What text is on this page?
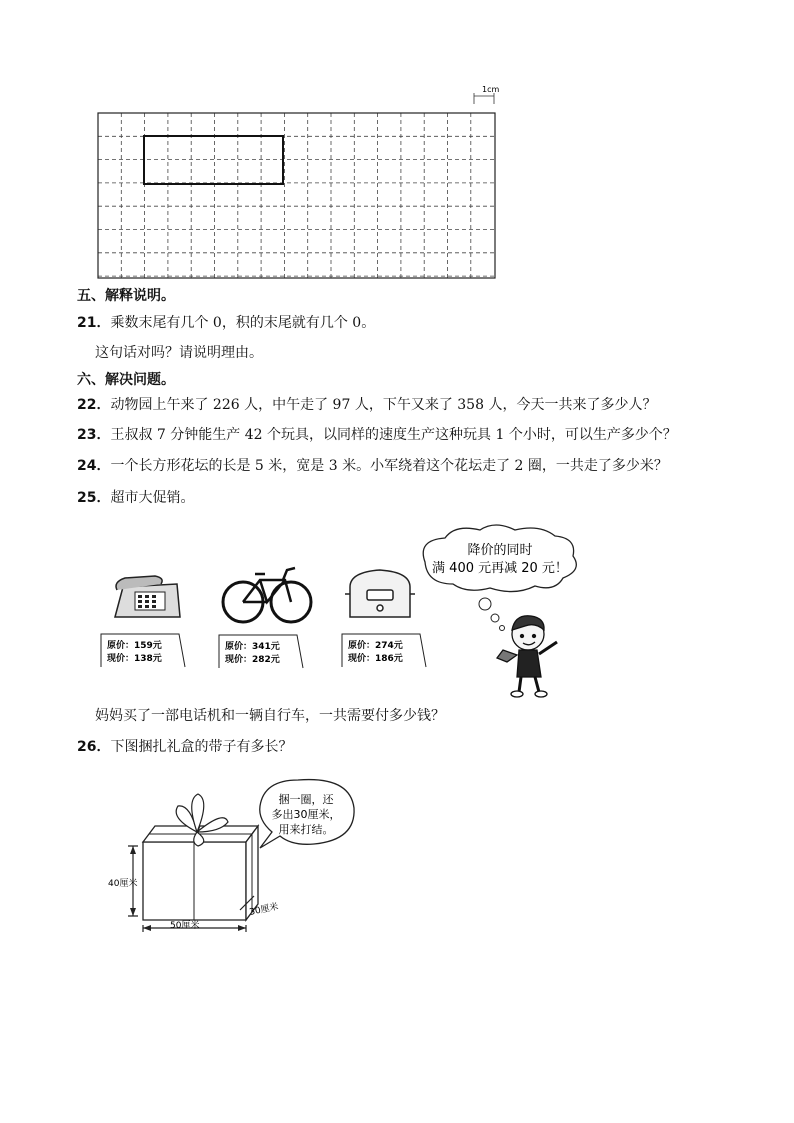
1cm
五、解释说明。
21．乘数末尾有几个 0，积的末尾就有几个 0。
这句话对吗？请说明理由。
六、解决问题。
22．动物园上午来了 226 人，中午走了 97 人，下午又来了 358 人，今天一共来了多少人？
23．王叔叔 7 分钟能生产 42 个玩具，以同样的速度生产这种玩具 1 个小时，可以生产多少个？
24．一个长方形花坛的长是 5 米，宽是 3 米。小军绕着这个花坛走了 2 圈，一共走了多少米？
25．超市大促销。
原价：159元
现价：138元
原价：341元
现价：282元
原价：274元
现价：186元
降价的同时
满 400 元再减 20 元！
妈妈买了一部电话机和一辆自行车，一共需要付多少钱？
26．下图捆扎礼盒的带子有多长？
40厘米
50厘米
30厘米
捆一圈，还
多出30厘米，
用来打结。
